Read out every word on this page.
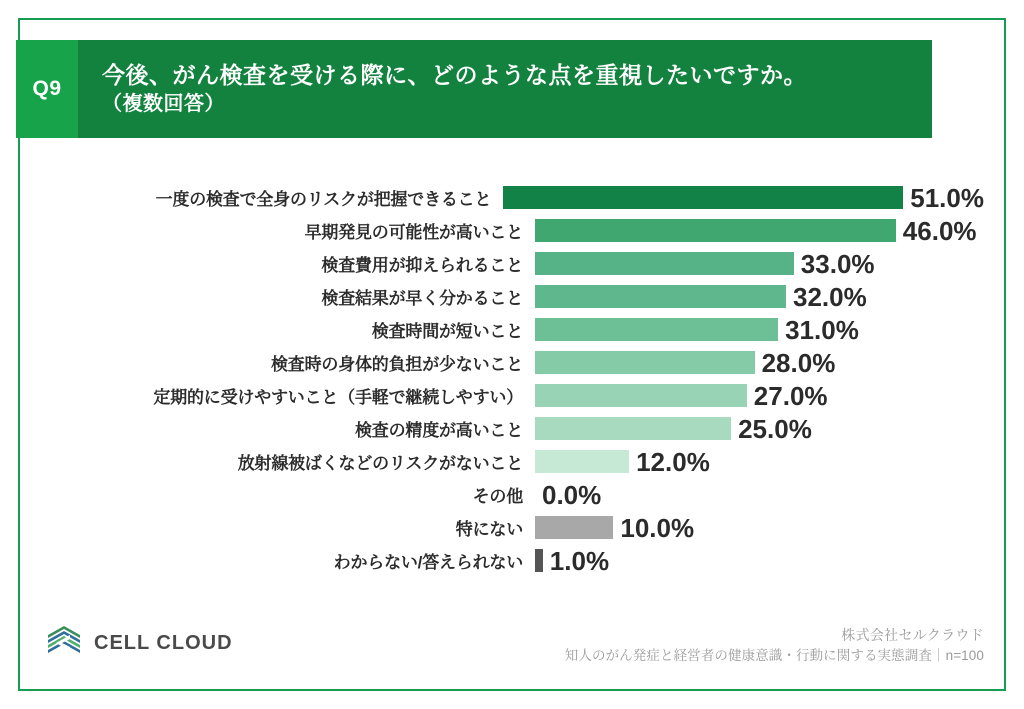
Q9
今後、がん検査を受ける際に、どのような点を重視したいですか。
（複数回答）
一度の検査で全身のリスクが把握できること	51.0%
早期発見の可能性が高いこと	46.0%
検査費用が抑えられること	33.0%
検査結果が早く分かること	32.0%
検査時間が短いこと	31.0%
検査時の身体的負担が少ないこと	28.0%
定期的に受けやすいこと（手軽で継続しやすい）	27.0%
検査の精度が高いこと	25.0%
放射線被ばくなどのリスクがないこと	12.0%
その他 0.0%
特にない	10.0%
わからない/答えられない	1.0%
CELL CLOUD	株式会社セルクラウド
知人のがん発症と経営者の健康意識・行動に関する実態調査｜n=100
